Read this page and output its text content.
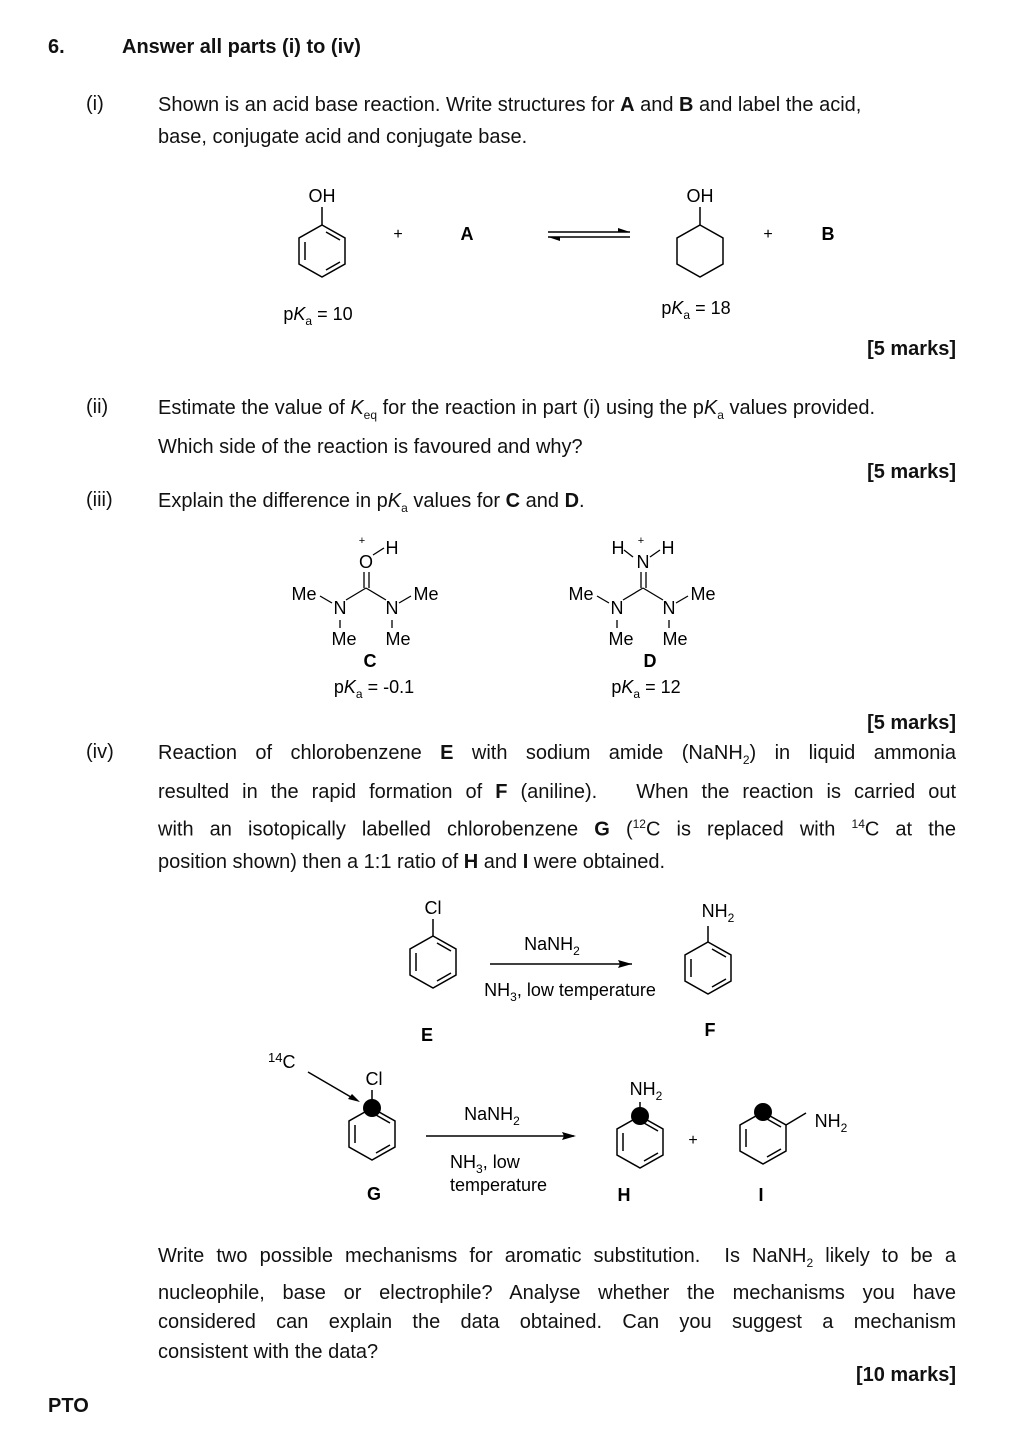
6.	Answer all parts (i) to (iv)
(i)	Shown is an acid base reaction. Write structures for A and B and label the acid,
base, conjugate acid and conjugate base.
OH
+	A
OH
+	B
$pK_a = 10$	$pK_a = 18$
[5 marks]
(ii) Estimate the value of $K_{eq}$ for the reaction in part (i) using the $pK_a$ values provided.
Which side of the reaction is favoured and why?
[5 marks]
(iii) Explain the difference in $pK_a$ values for C and D.
+
O
H
N N
Me	Me
Me Me
C
$pK_a = -0.1$
H +
N
H
N N
Me	Me
Me Me
D
$pK_a = 12$
[5 marks]
(iv) Reaction of chlorobenzene E with sodium amide (NaNH$_2$) in liquid ammonia
resulted in the rapid formation of F (aniline).   When the reaction is carried out
with an isotopically labelled chlorobenzene G ($^{12}$C is replaced with $^{14}$C at the
position shown) then a 1:1 ratio of H and I were obtained.
Cl
E
NaNH$_2$
$NH_3$, low temperature
$NH_2$
F
14C
Cl
G
NaNH$_2$
$NH_3$, low
temperature
$NH_2$
H
+
$NH_2$
I
Write two possible mechanisms for aromatic substitution.  Is NaNH$_2$ likely to be a
nucleophile, base or electrophile? Analyse whether the mechanisms you have
considered can explain the data obtained. Can you suggest a mechanism
consistent with the data?
[10 marks]
PTO
